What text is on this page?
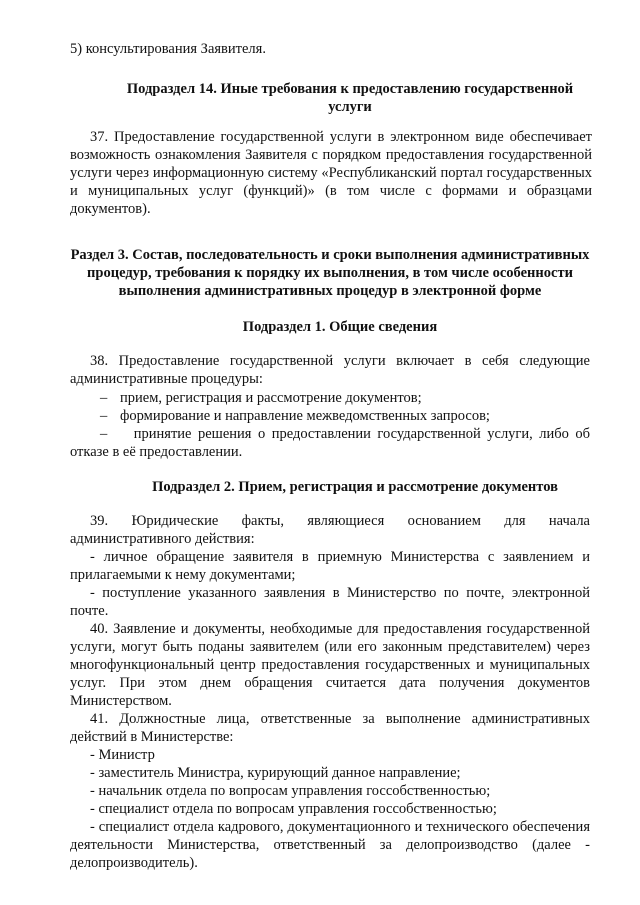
5) консультирования Заявителя.
Подраздел 14. Иные требования к предоставлению государственной услуги
37. Предоставление государственной услуги в электронном виде обеспечивает возможность ознакомления Заявителя с порядком предоставления государственной услуги через информационную систему «Республиканский портал государственных и муниципальных услуг (функций)» (в том числе с формами и образцами документов).
Раздел 3. Состав, последовательность и сроки выполнения административных процедур, требования к порядку их выполнения, в том числе особенности выполнения административных процедур в электронной форме
Подраздел 1. Общие сведения
38. Предоставление государственной услуги включает в себя следующие административные процедуры:
– прием, регистрация и рассмотрение документов;
– формирование и направление межведомственных запросов;
– принятие решения о предоставлении государственной услуги, либо об отказе в её предоставлении.
Подраздел 2. Прием, регистрация и рассмотрение документов
39. Юридические факты, являющиеся основанием для начала административного действия:
- личное обращение заявителя в приемную Министерства с заявлением и прилагаемыми к нему документами;
- поступление указанного заявления в Министерство по почте, электронной почте.
40. Заявление и документы, необходимые для предоставления государственной услуги, могут быть поданы заявителем (или его законным представителем) через многофункциональный центр предоставления государственных и муниципальных услуг. При этом днем обращения считается дата получения документов Министерством.
41. Должностные лица, ответственные за выполнение административных действий в Министерстве:
- Министр
- заместитель Министра, курирующий данное направление;
- начальник отдела по вопросам управления госсобственностью;
- специалист отдела по вопросам управления госсобственностью;
- специалист отдела кадрового, документационного и технического обеспечения деятельности Министерства, ответственный за делопроизводство (далее - делопроизводитель).
